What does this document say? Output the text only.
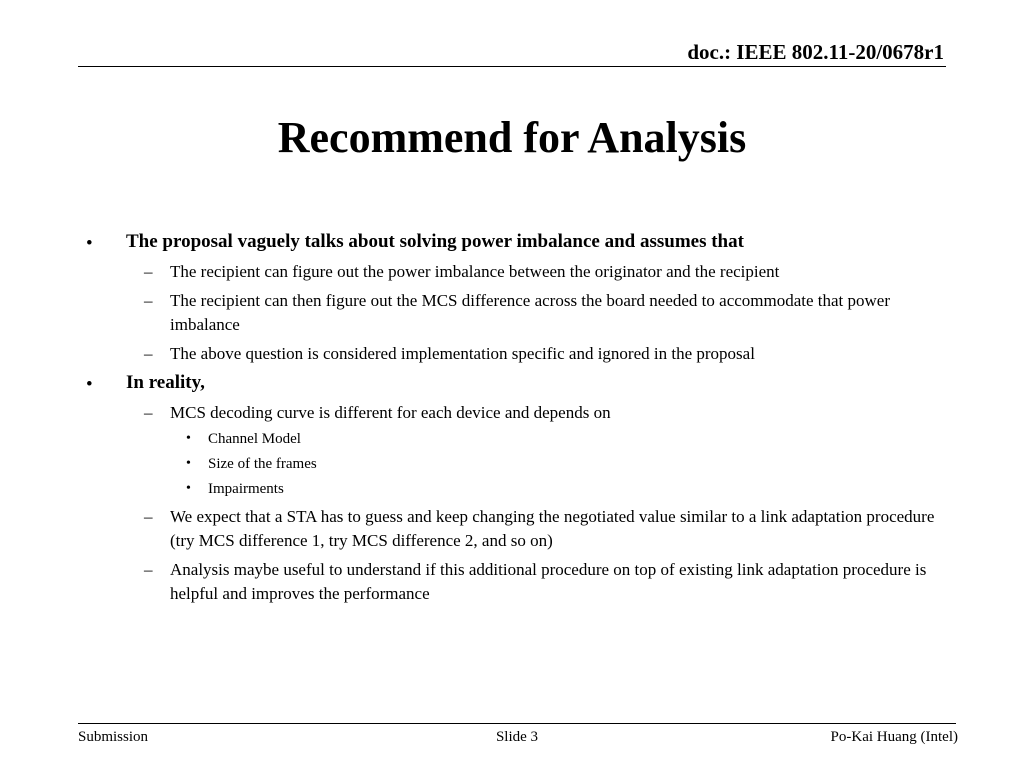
doc.: IEEE 802.11-20/0678r1
Recommend for Analysis
• The proposal vaguely talks about solving power imbalance and assumes that
– The recipient can figure out the power imbalance between the originator and the recipient
– The recipient can then figure out the MCS difference across the board needed to accommodate that power imbalance
– The above question is considered implementation specific and ignored in the proposal
• In reality,
– MCS decoding curve is different for each device and depends on
• Channel Model
• Size of the frames
• Impairments
– We expect that a STA has to guess and keep changing the negotiated value similar to a link adaptation procedure (try MCS difference 1, try MCS difference 2, and so on)
– Analysis maybe useful to understand if this additional procedure on top of existing link adaptation procedure is helpful and improves the performance
Submission	Slide 3	Po-Kai Huang (Intel)
